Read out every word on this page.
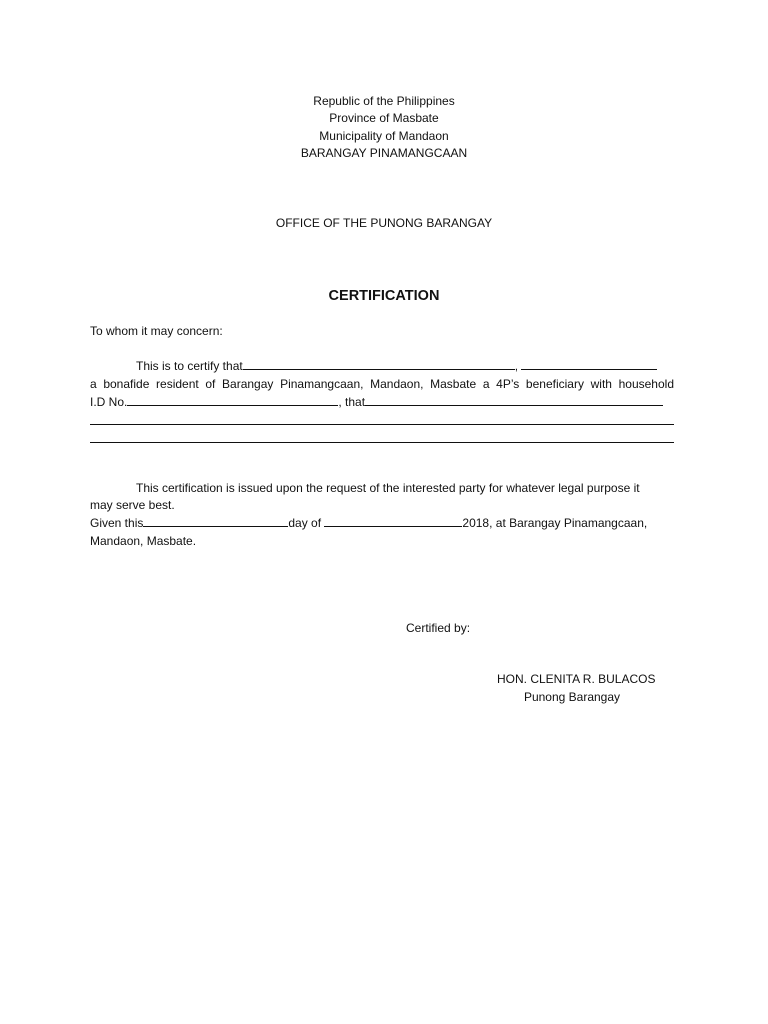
Republic of the Philippines
Province of Masbate
Municipality of Mandaon
BARANGAY PINAMANGCAAN
OFFICE OF THE PUNONG BARANGAY
CERTIFICATION
To whom it may concern:
This is to certify that	,
a bonafide resident of Barangay Pinamangcaan, Mandaon, Masbate a 4P’s beneficiary with household
I.D No.	, that
This certification is issued upon the request of the interested party for whatever legal purpose it
may serve best.
Given this	day of	2018, at Barangay Pinamangcaan,
Mandaon, Masbate.
Certified by:
HON. CLENITA R. BULACOS
Punong Barangay
